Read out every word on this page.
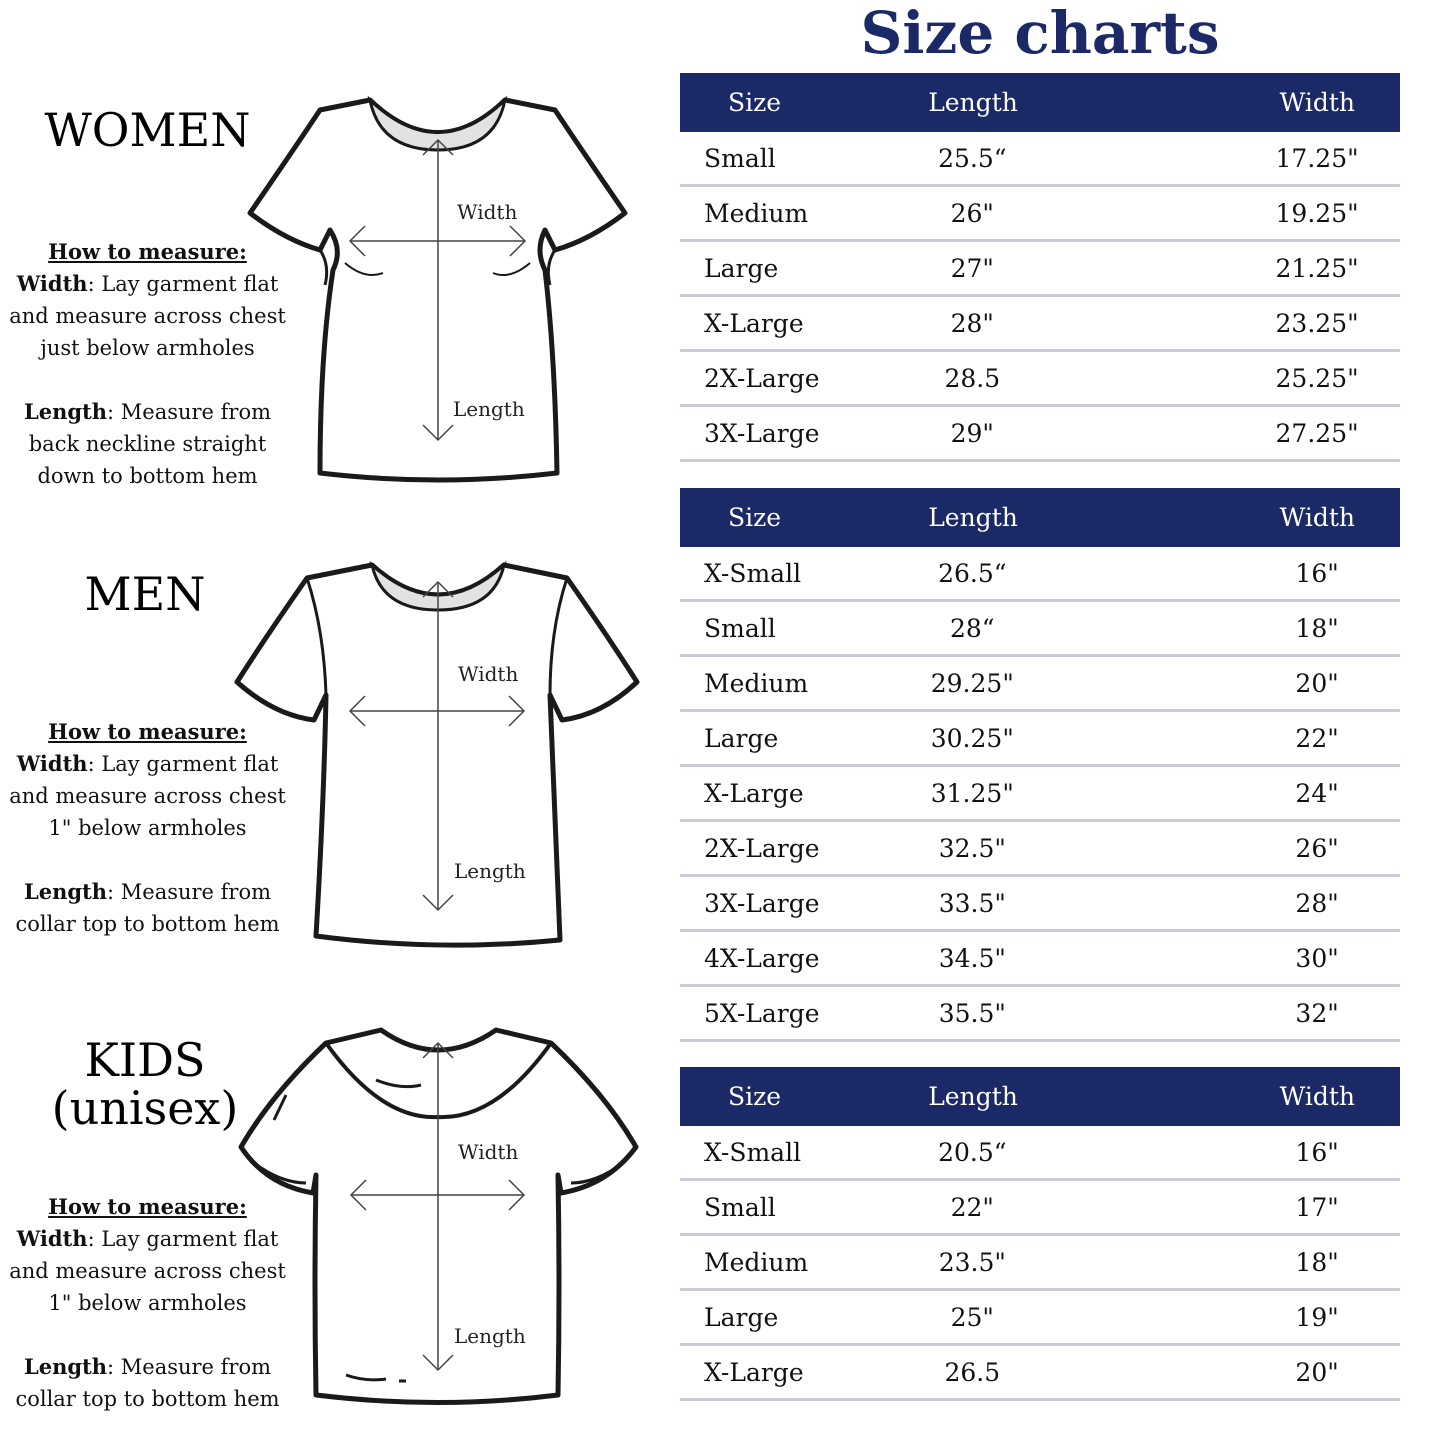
Size charts
WOMEN
How to measure:
Width: Lay garment flat and measure across chest just below armholes
Length: Measure from back neckline straight down to bottom hem
Width
Length
MEN
How to measure:
Width: Lay garment flat and measure across chest 1" below armholes
Length: Measure from collar top to bottom hem
Width
Length
KIDS
(unisex)
How to measure:
Width: Lay garment flat and measure across chest 1" below armholes
Length: Measure from collar top to bottom hem
Width
Length
Size	Length	Width
Small	25.5“	17.25"
Medium	26"	19.25"
Large	27"	21.25"
X-Large	28"	23.25"
2X-Large	28.5	25.25"
3X-Large	29"	27.25"
Size	Length	Width
X-Small	26.5“	16"
Small	28“	18"
Medium	29.25"	20"
Large	30.25"	22"
X-Large	31.25"	24"
2X-Large	32.5"	26"
3X-Large	33.5"	28"
4X-Large	34.5"	30"
5X-Large	35.5"	32"
Size	Length	Width
X-Small	20.5“	16"
Small	22"	17"
Medium	23.5"	18"
Large	25"	19"
X-Large	26.5	20"
